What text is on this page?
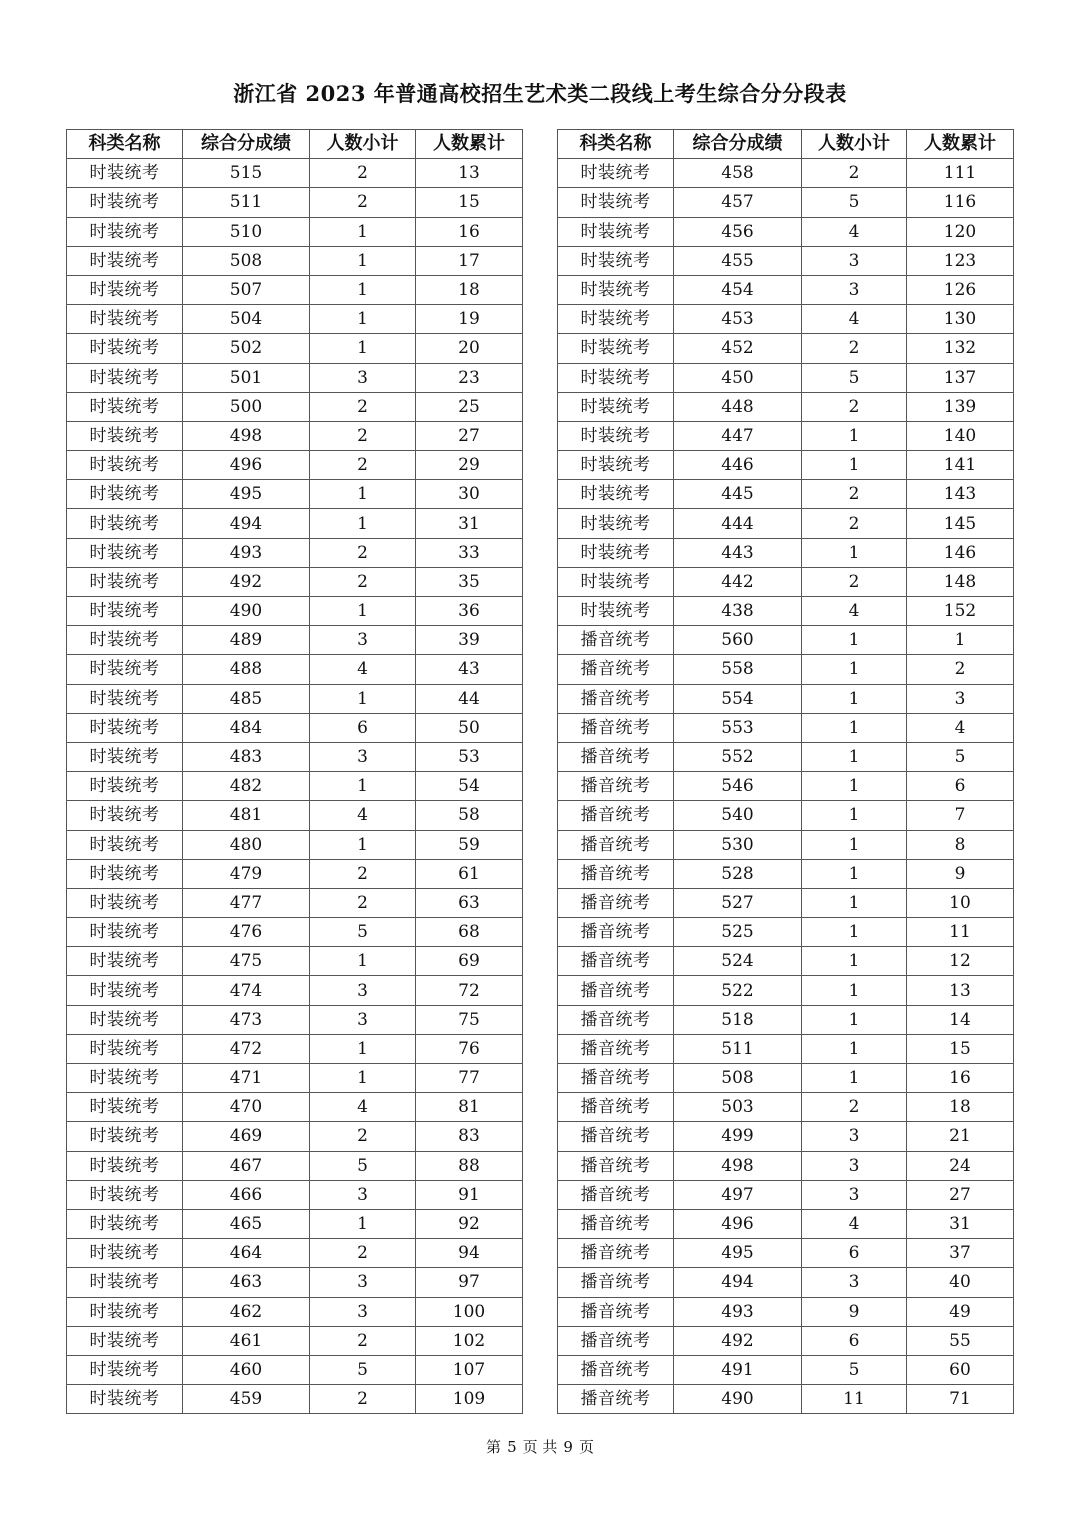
浙江省 2023 年普通高校招生艺术类二段线上考生综合分分段表
科类名称	综合分成绩	人数小计	人数累计
时装统考	515	2	13
时装统考	511	2	15
时装统考	510	1	16
时装统考	508	1	17
时装统考	507	1	18
时装统考	504	1	19
时装统考	502	1	20
时装统考	501	3	23
时装统考	500	2	25
时装统考	498	2	27
时装统考	496	2	29
时装统考	495	1	30
时装统考	494	1	31
时装统考	493	2	33
时装统考	492	2	35
时装统考	490	1	36
时装统考	489	3	39
时装统考	488	4	43
时装统考	485	1	44
时装统考	484	6	50
时装统考	483	3	53
时装统考	482	1	54
时装统考	481	4	58
时装统考	480	1	59
时装统考	479	2	61
时装统考	477	2	63
时装统考	476	5	68
时装统考	475	1	69
时装统考	474	3	72
时装统考	473	3	75
时装统考	472	1	76
时装统考	471	1	77
时装统考	470	4	81
时装统考	469	2	83
时装统考	467	5	88
时装统考	466	3	91
时装统考	465	1	92
时装统考	464	2	94
时装统考	463	3	97
时装统考	462	3	100
时装统考	461	2	102
时装统考	460	5	107
时装统考	459	2	109
科类名称	综合分成绩	人数小计	人数累计
时装统考	458	2	111
时装统考	457	5	116
时装统考	456	4	120
时装统考	455	3	123
时装统考	454	3	126
时装统考	453	4	130
时装统考	452	2	132
时装统考	450	5	137
时装统考	448	2	139
时装统考	447	1	140
时装统考	446	1	141
时装统考	445	2	143
时装统考	444	2	145
时装统考	443	1	146
时装统考	442	2	148
时装统考	438	4	152
播音统考	560	1	1
播音统考	558	1	2
播音统考	554	1	3
播音统考	553	1	4
播音统考	552	1	5
播音统考	546	1	6
播音统考	540	1	7
播音统考	530	1	8
播音统考	528	1	9
播音统考	527	1	10
播音统考	525	1	11
播音统考	524	1	12
播音统考	522	1	13
播音统考	518	1	14
播音统考	511	1	15
播音统考	508	1	16
播音统考	503	2	18
播音统考	499	3	21
播音统考	498	3	24
播音统考	497	3	27
播音统考	496	4	31
播音统考	495	6	37
播音统考	494	3	40
播音统考	493	9	49
播音统考	492	6	55
播音统考	491	5	60
播音统考	490	11	71
第 5 页 共 9 页
